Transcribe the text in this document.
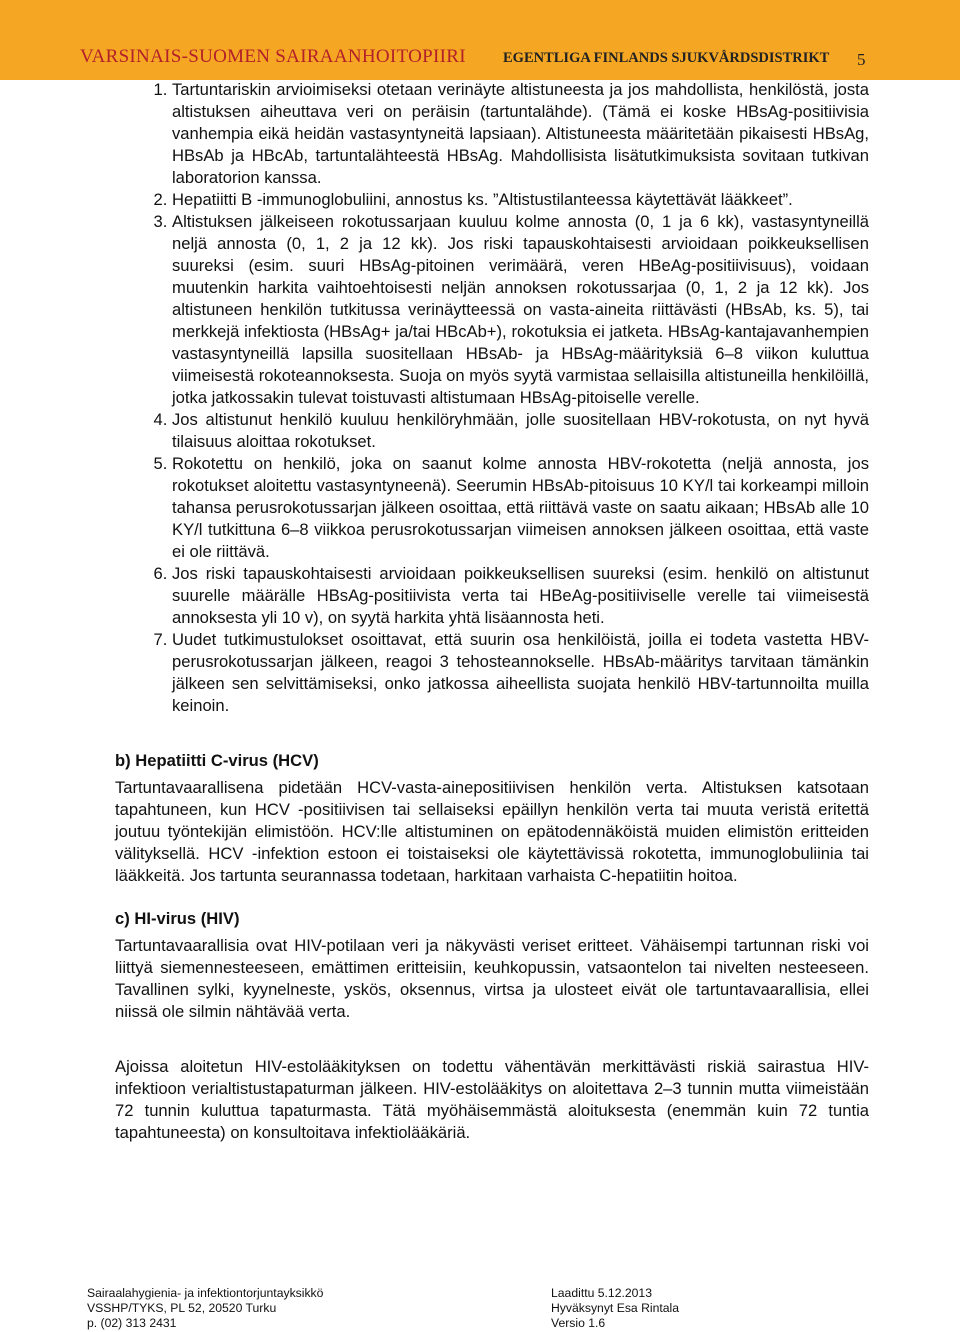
VARSINAIS-SUOMEN SAIRAANHOITOPIIRI	EGENTLIGA FINLANDS SJUKVÅRDSDISTRIKT 5
1. Tartuntariskin arvioimiseksi otetaan verinäyte altistuneesta ja jos mahdollista, henkilöstä, josta altistuksen aiheuttava veri on peräisin (tartuntalähde). (Tämä ei koske HBsAg-positiivisia vanhempia eikä heidän vastasyntyneitä lapsiaan). Altistuneesta määritetään pikaisesti HBsAg, HBsAb ja HBcAb, tartuntalähteestä HBsAg. Mahdollisista lisätutkimuksista sovitaan tutkivan laboratorion kanssa.
2. Hepatiitti B -immunoglobuliini, annostus ks. ”Altistustilanteessa käytettävät lääkkeet”.
3. Altistuksen jälkeiseen rokotussarjaan kuuluu kolme annosta (0, 1 ja 6 kk), vastasyntyneillä neljä annosta (0, 1, 2 ja 12 kk). Jos riski tapauskohtaisesti arvioidaan poikkeuksellisen suureksi (esim. suuri HBsAg-pitoinen verimäärä, veren HBeAg-positiivisuus), voidaan muutenkin harkita vaihtoehtoisesti neljän annoksen rokotussarjaa (0, 1, 2 ja 12 kk). Jos altistuneen henkilön tutkitussa verinäytteessä on vasta-aineita riittävästi (HBsAb, ks. 5), tai merkkejä infektiosta (HBsAg+ ja/tai HBcAb+), rokotuksia ei jatketa. HBsAg-kantajavanhempien vastasyntyneillä lapsilla suositellaan HBsAb- ja HBsAg-määrityksiä 6–8 viikon kuluttua viimeisestä rokoteannoksesta. Suoja on myös syytä varmistaa sellaisilla altistuneilla henkilöillä, jotka jatkossakin tulevat toistuvasti altistumaan HBsAg-pitoiselle verelle.
4. Jos altistunut henkilö kuuluu henkilöryhmään, jolle suositellaan HBV-rokotusta, on nyt hyvä tilaisuus aloittaa rokotukset.
5. Rokotettu on henkilö, joka on saanut kolme annosta HBV-rokotetta (neljä annosta, jos rokotukset aloitettu vastasyntyneenä). Seerumin HBsAb-pitoisuus 10 KY/l tai korkeampi milloin tahansa perusrokotussarjan jälkeen osoittaa, että riittävä vaste on saatu aikaan; HBsAb alle 10 KY/l tutkittuna 6–8 viikkoa perusrokotussarjan viimeisen annoksen jälkeen osoittaa, että vaste ei ole riittävä.
6. Jos riski tapauskohtaisesti arvioidaan poikkeuksellisen suureksi (esim. henkilö on altistunut suurelle määrälle HBsAg-positiivista verta tai HBeAg-positiiviselle verelle tai viimeisestä annoksesta yli 10 v), on syytä harkita yhtä lisäannosta heti.
7. Uudet tutkimustulokset osoittavat, että suurin osa henkilöistä, joilla ei todeta vastetta HBV-perusrokotussarjan jälkeen, reagoi 3 tehosteannokselle. HBsAb-määritys tarvitaan tämänkin jälkeen sen selvittämiseksi, onko jatkossa aiheellista suojata henkilö HBV-tartunnoilta muilla keinoin.

b) Hepatiitti C-virus (HCV)

Tartuntavaarallisena pidetään HCV-vasta-ainepositiivisen henkilön verta. Altistuksen katsotaan tapahtuneen, kun HCV -positiivisen tai sellaiseksi epäillyn henkilön verta tai muuta veristä eritettä joutuu työntekijän elimistöön. HCV:lle altistuminen on epätodennäköistä muiden elimistön eritteiden välityksellä. HCV -infektion estoon ei toistaiseksi ole käytettävissä rokotetta, immunoglobuliinia tai lääkkeitä. Jos tartunta seurannassa todetaan, harkitaan varhaista C-hepatiitin hoitoa.

c) HI-virus (HIV)

Tartuntavaarallisia ovat HIV-potilaan veri ja näkyvästi veriset eritteet. Vähäisempi tartunnan riski voi liittyä siemennesteeseen, emättimen eritteisiin, keuhkopussin, vatsaontelon tai nivelten nesteeseen. Tavallinen sylki, kyynelneste, yskös, oksennus, virtsa ja ulosteet eivät ole tartuntavaarallisia, ellei niissä ole silmin nähtävää verta.

Ajoissa aloitetun HIV-estolääkityksen on todettu vähentävän merkittävästi riskiä sairastua HIV-infektioon verialtistustapaturman jälkeen. HIV-estolääkitys on aloitettava 2–3 tunnin mutta viimeistään 72 tunnin kuluttua tapaturmasta. Tätä myöhäisemmästä aloituksesta (enemmän kuin 72 tuntia tapahtuneesta) on konsultoitava infektiolääkäriä.

Sairaalahygienia- ja infektiontorjuntayksikkö
VSSHP/TYKS, PL 52, 20520 Turku
p. (02) 313 2431
Laadittu 5.12.2013
Hyväksynyt Esa Rintala
Versio 1.6
